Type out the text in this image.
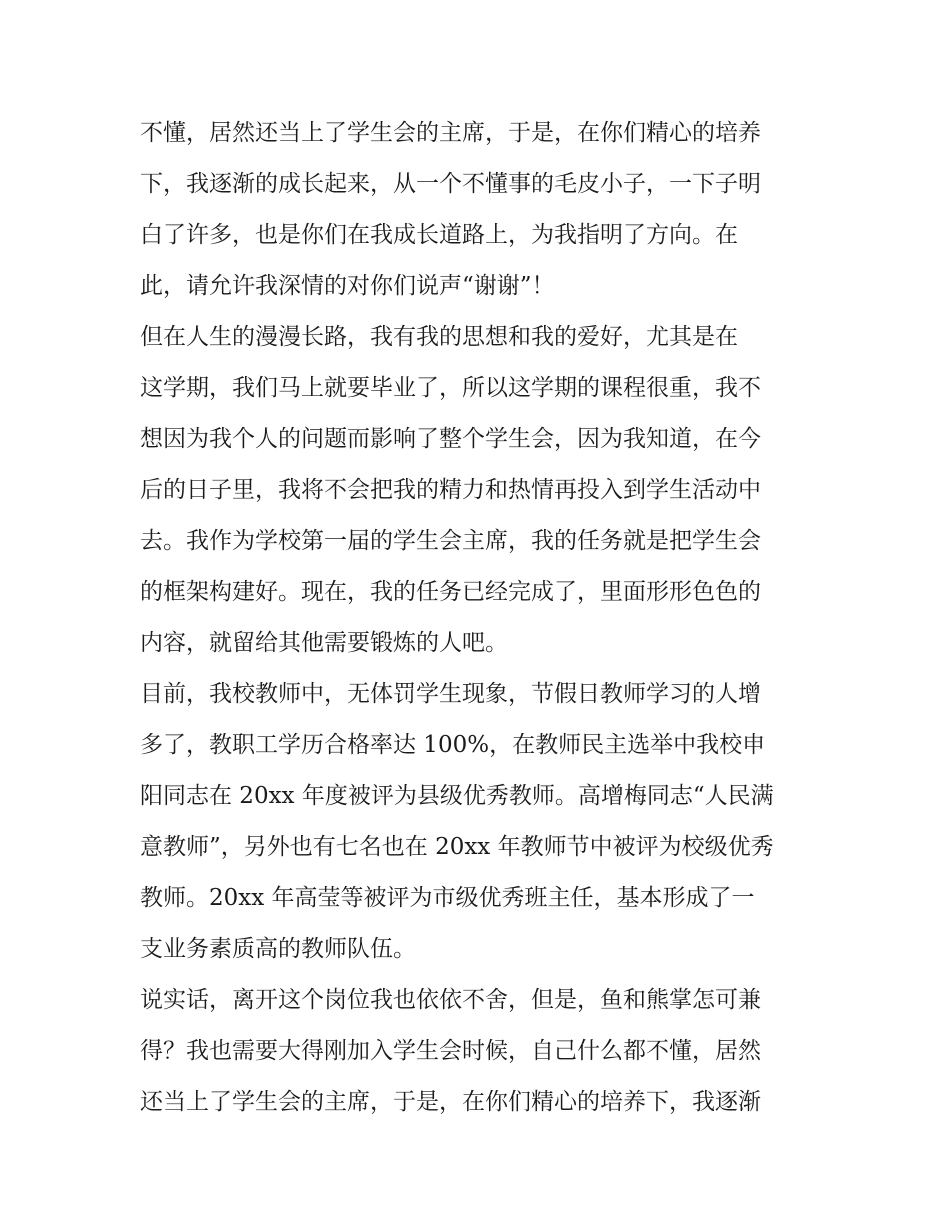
不懂，居然还当上了学生会的主席，于是，在你们精心的培养
下，我逐渐的成长起来，从一个不懂事的毛皮小子，一下子明
白了许多，也是你们在我成长道路上，为我指明了方向。在
此，请允许我深情的对你们说声“谢谢”！
但在人生的漫漫长路，我有我的思想和我的爱好，尤其是在
这学期，我们马上就要毕业了，所以这学期的课程很重，我不
想因为我个人的问题而影响了整个学生会，因为我知道，在今
后的日子里，我将不会把我的精力和热情再投入到学生活动中
去。我作为学校第一届的学生会主席，我的任务就是把学生会
的框架构建好。现在，我的任务已经完成了，里面形形色色的
内容，就留给其他需要锻炼的人吧。
目前，我校教师中，无体罚学生现象，节假日教师学习的人增
多了，教职工学历合格率达 100%，在教师民主选举中我校申
阳同志在 20xx 年度被评为县级优秀教师。高增梅同志“人民满
意教师”，另外也有七名也在 20xx 年教师节中被评为校级优秀
教师。20xx 年高莹等被评为市级优秀班主任，基本形成了一
支业务素质高的教师队伍。
说实话，离开这个岗位我也依依不舍，但是，鱼和熊掌怎可兼
得？我也需要大得刚加入学生会时候，自己什么都不懂，居然
还当上了学生会的主席，于是，在你们精心的培养下，我逐渐
